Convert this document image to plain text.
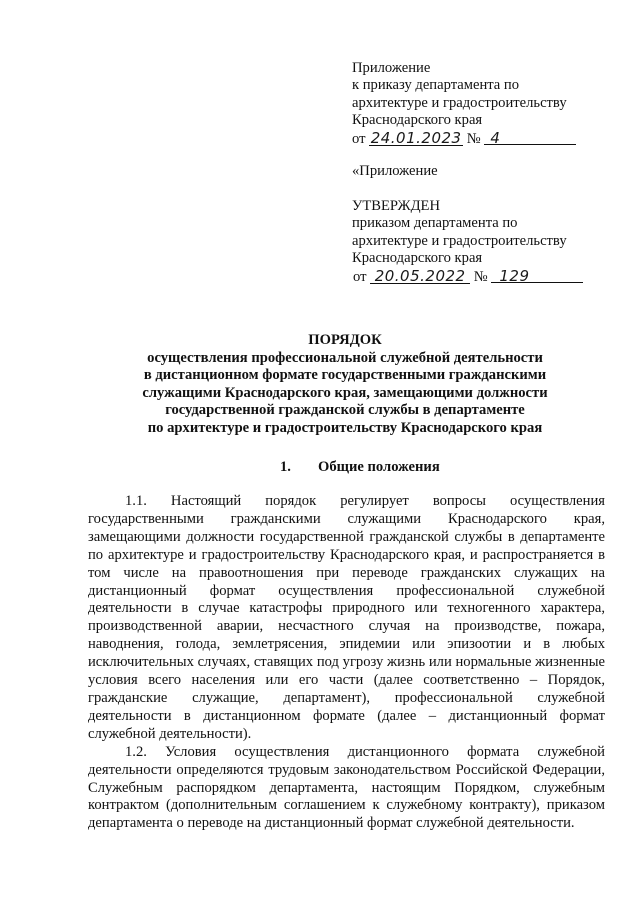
Приложение
к приказу департамента по
архитектуре и градостроительству
Краснодарского края
от 24.01.2023 № 4
«Приложение
УТВЕРЖДЕН
приказом департамента по
архитектуре и градостроительству
Краснодарского края
от 20.05.2022 № 129
ПОРЯДОК
осуществления профессиональной служебной деятельности
в дистанционном формате государственными гражданскими
служащими Краснодарского края, замещающими должности
государственной гражданской службы в департаменте
по архитектуре и градостроительству Краснодарского края
1. Общие положения

1.1. Настоящий порядок регулирует вопросы осуществления государственными гражданскими служащими Краснодарского края, замещающими должности государственной гражданской службы в департаменте по архитектуре и градостроительству Краснодарского края, и распространяется в том числе на правоотношения при переводе гражданских служащих на дистанционный формат осуществления профессиональной служебной деятельности в случае катастрофы природного или техногенного характера, производственной аварии, несчастного случая на производстве, пожара, наводнения, голода, землетрясения, эпидемии или эпизоотии и в любых исключительных случаях, ставящих под угрозу жизнь или нормальные жизненные условия всего населения или его части (далее соответственно – Порядок, гражданские служащие, департамент), профессиональной служебной деятельности в дистанционном формате (далее – дистанционный формат служебной деятельности).

1.2. Условия осуществления дистанционного формата служебной деятельности определяются трудовым законодательством Российской Федерации, Служебным распорядком департамента, настоящим Порядком, служебным контрактом (дополнительным соглашением к служебному контракту), приказом департамента о переводе на дистанционный формат служебной деятельности.
